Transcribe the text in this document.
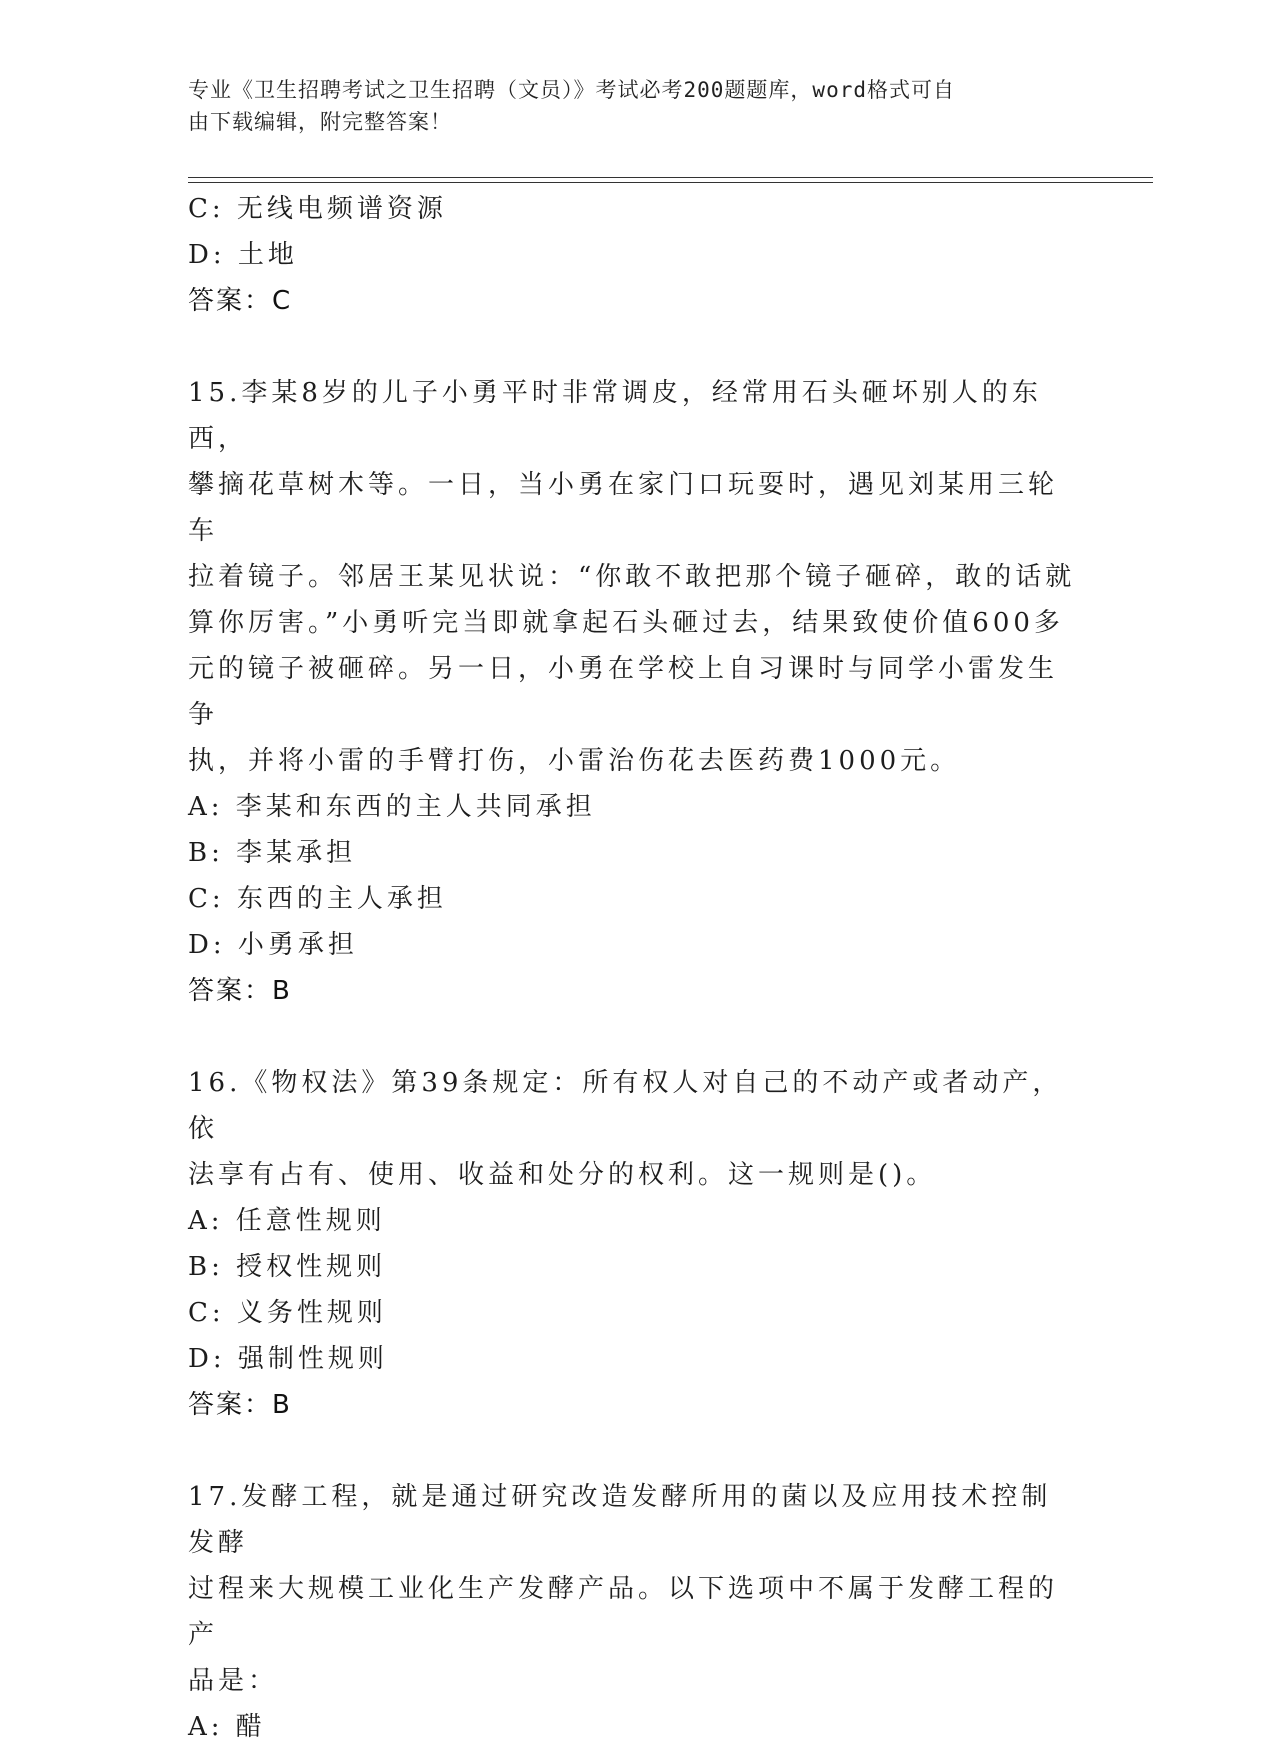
专业《卫生招聘考试之卫生招聘（文员）》考试必考200题题库，word格式可自
由下载编辑，附完整答案！
C: 无线电频谱资源
D: 土地
答案：C
15.李某8岁的儿子小勇平时非常调皮，经常用石头砸坏别人的东西，
攀摘花草树木等。一日，当小勇在家门口玩耍时，遇见刘某用三轮车
拉着镜子。邻居王某见状说：“你敢不敢把那个镜子砸碎，敢的话就
算你厉害。”小勇听完当即就拿起石头砸过去，结果致使价值600多
元的镜子被砸碎。另一日，小勇在学校上自习课时与同学小雷发生争
执，并将小雷的手臂打伤，小雷治伤花去医药费1000元。
A: 李某和东西的主人共同承担
B: 李某承担
C: 东西的主人承担
D: 小勇承担
答案：B
16.《物权法》第39条规定：所有权人对自己的不动产或者动产，依
法享有占有、使用、收益和处分的权利。这一规则是()。
A: 任意性规则
B: 授权性规则
C: 义务性规则
D: 强制性规则
答案：B
17.发酵工程，就是通过研究改造发酵所用的菌以及应用技术控制发酵
过程来大规模工业化生产发酵产品。以下选项中不属于发酵工程的产
品是：
A: 醋
